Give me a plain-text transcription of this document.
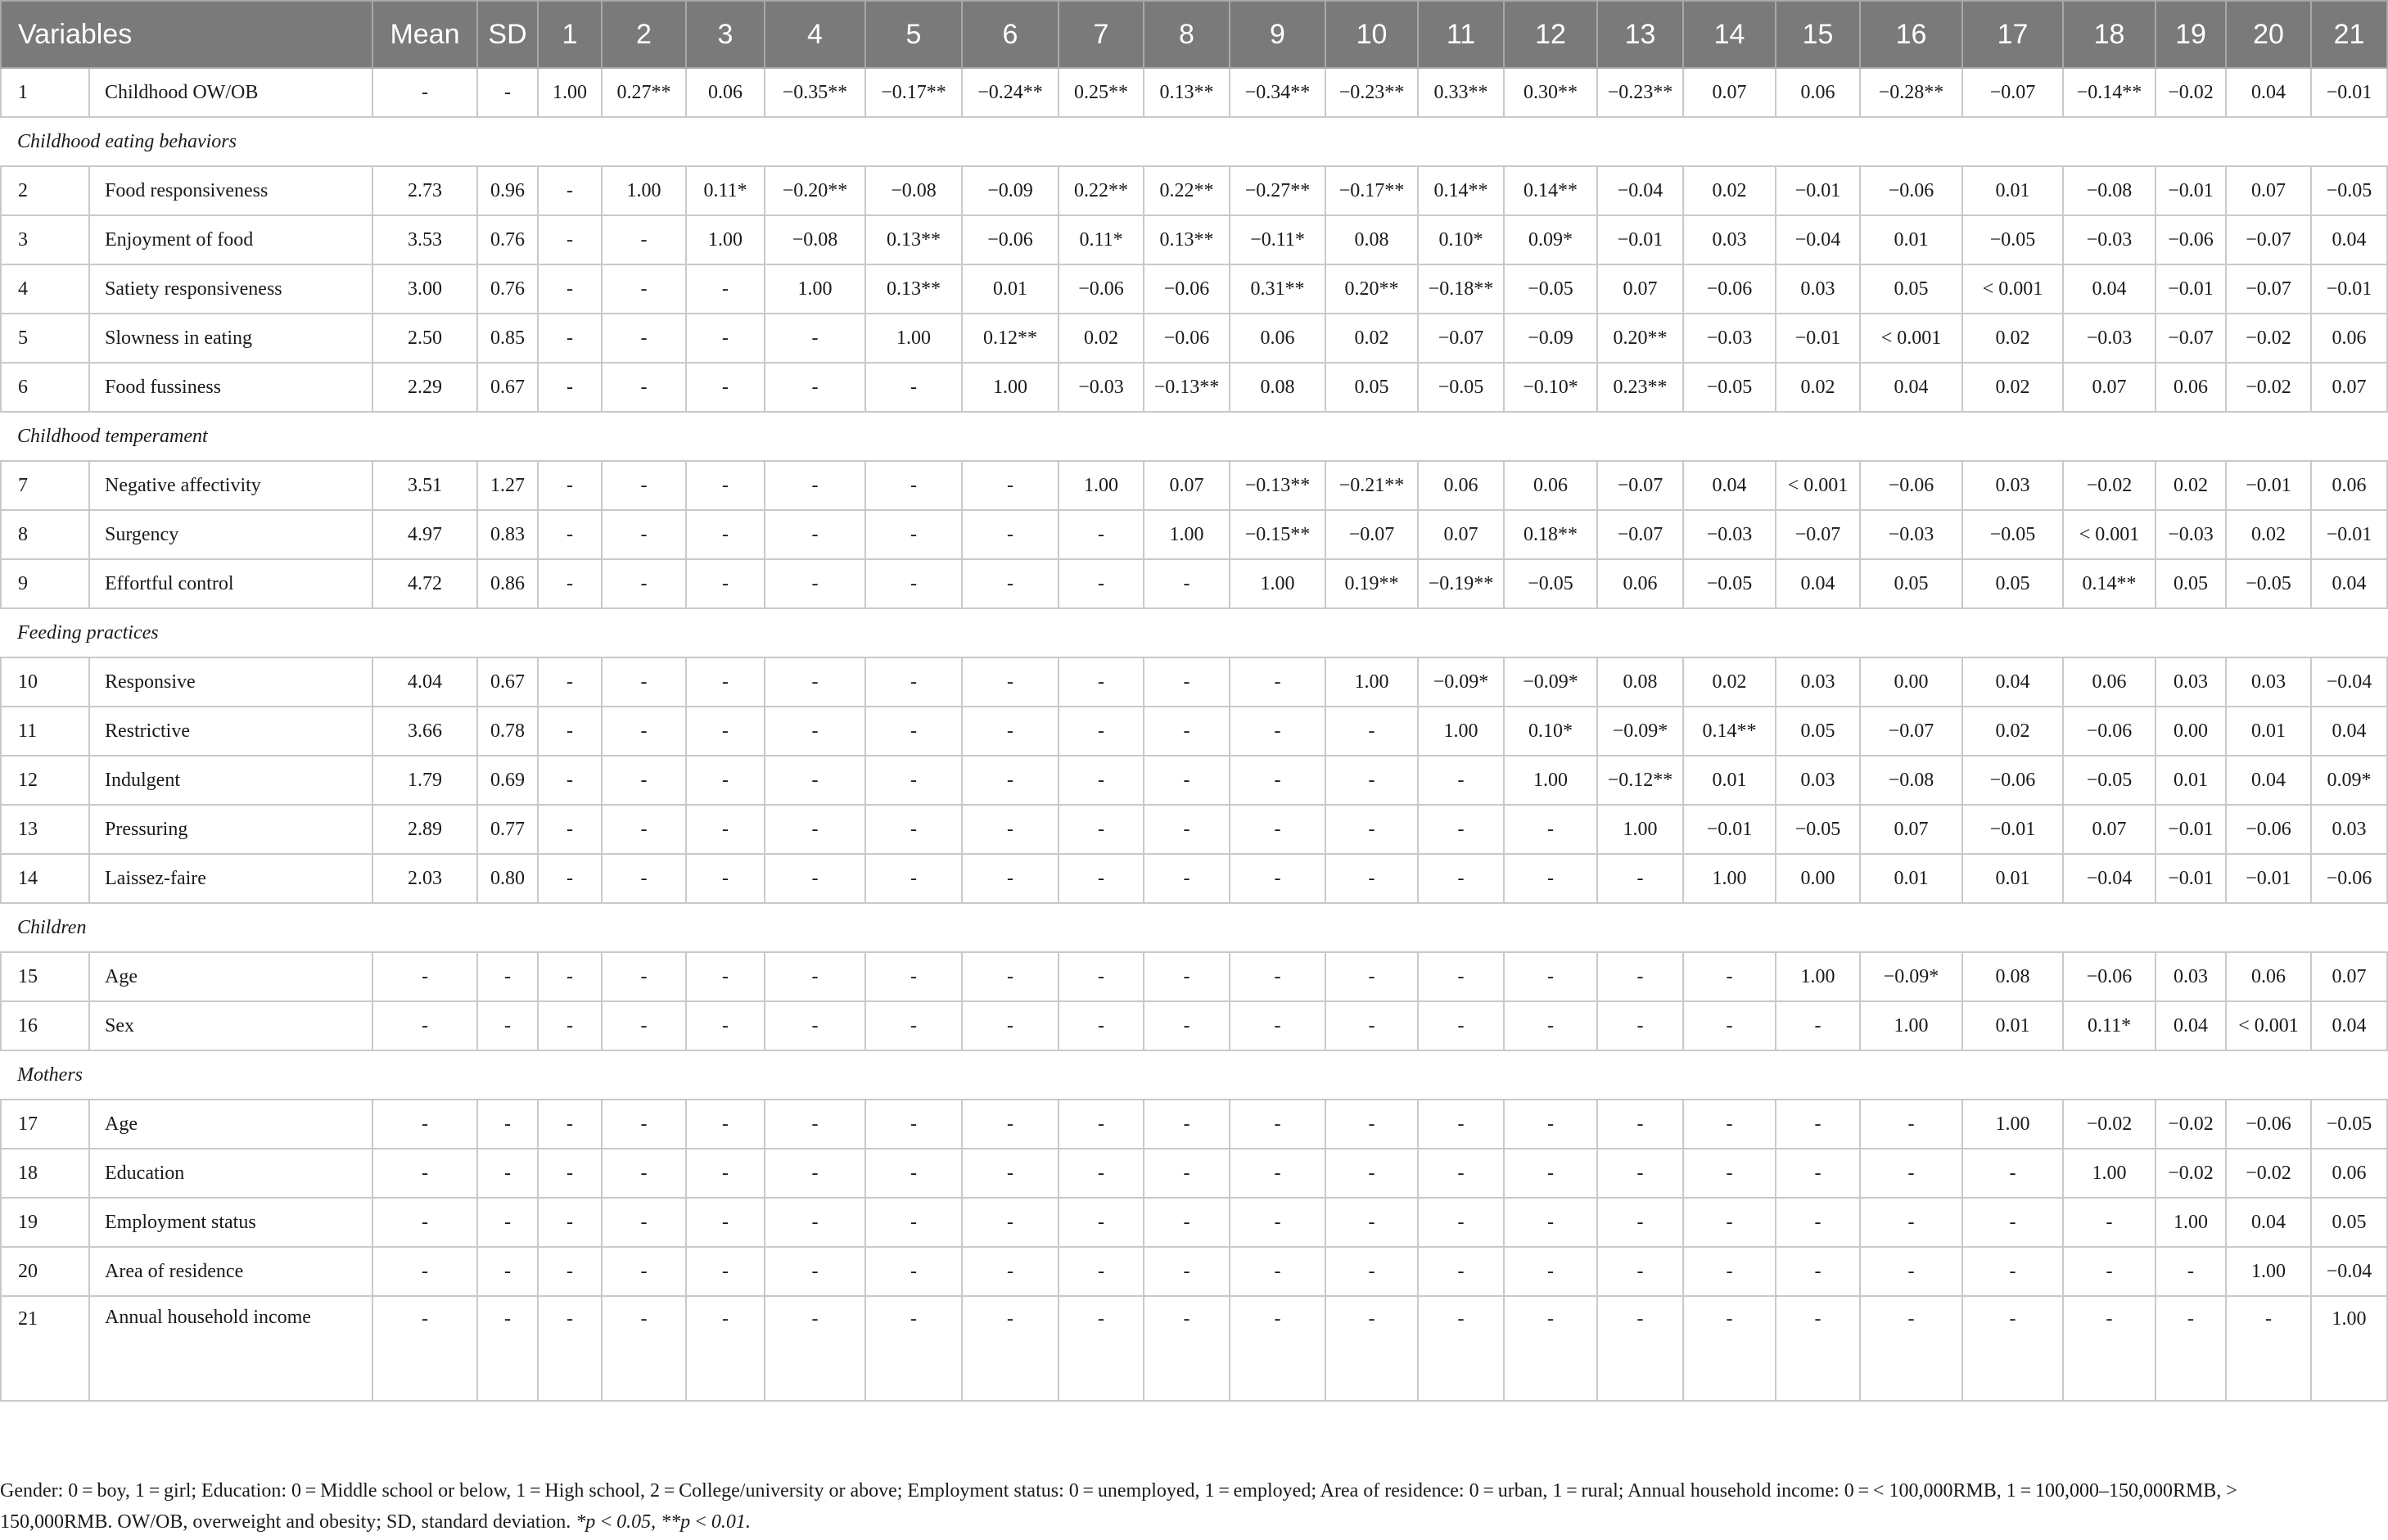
Variables		Mean	SD	1	2	3	4	5	6	7	8	9	10	11	12	13	14	15	16	17	18	19	20	21
1	Childhood OW/OB	-	-	1.00	0.27**	0.06	−0.35**	−0.17**	−0.24**	0.25**	0.13**	−0.34**	−0.23**	0.33**	0.30**	−0.23**	0.07	0.06	−0.28**	−0.07	−0.14**	−0.02	0.04	−0.01
Childhood eating behaviors																								
2	Food responsiveness	2.73	0.96	-	1.00	0.11*	−0.20**	−0.08	−0.09	0.22**	0.22**	−0.27**	−0.17**	0.14**	0.14**	−0.04	0.02	−0.01	−0.06	0.01	−0.08	−0.01	0.07	−0.05
3	Enjoyment of food	3.53	0.76	-	-	1.00	−0.08	0.13**	−0.06	0.11*	0.13**	−0.11*	0.08	0.10*	0.09*	−0.01	0.03	−0.04	0.01	−0.05	−0.03	−0.06	−0.07	0.04
4	Satiety responsiveness	3.00	0.76	-	-	-	1.00	0.13**	0.01	−0.06	−0.06	0.31**	0.20**	−0.18**	−0.05	0.07	−0.06	0.03	0.05	< 0.001	0.04	−0.01	−0.07	−0.01
5	Slowness in eating	2.50	0.85	-	-	-	-	1.00	0.12**	0.02	−0.06	0.06	0.02	−0.07	−0.09	0.20**	−0.03	−0.01	< 0.001	0.02	−0.03	−0.07	−0.02	0.06
6	Food fussiness	2.29	0.67	-	-	-	-	-	1.00	−0.03	−0.13**	0.08	0.05	−0.05	−0.10*	0.23**	−0.05	0.02	0.04	0.02	0.07	0.06	−0.02	0.07
Childhood temperament																								
7	Negative affectivity	3.51	1.27	-	-	-	-	-	-	1.00	0.07	−0.13**	−0.21**	0.06	0.06	−0.07	0.04	< 0.001	−0.06	0.03	−0.02	0.02	−0.01	0.06
8	Surgency	4.97	0.83	-	-	-	-	-	-	-	1.00	−0.15**	−0.07	0.07	0.18**	−0.07	−0.03	−0.07	−0.03	−0.05	< 0.001	−0.03	0.02	−0.01
9	Effortful control	4.72	0.86	-	-	-	-	-	-	-	-	1.00	0.19**	−0.19**	−0.05	0.06	−0.05	0.04	0.05	0.05	0.14**	0.05	−0.05	0.04
Feeding practices																								
10	Responsive	4.04	0.67	-	-	-	-	-	-	-	-	-	1.00	−0.09*	−0.09*	0.08	0.02	0.03	0.00	0.04	0.06	0.03	0.03	−0.04
11	Restrictive	3.66	0.78	-	-	-	-	-	-	-	-	-	-	1.00	0.10*	−0.09*	0.14**	0.05	−0.07	0.02	−0.06	0.00	0.01	0.04
12	Indulgent	1.79	0.69	-	-	-	-	-	-	-	-	-	-	-	1.00	−0.12**	0.01	0.03	−0.08	−0.06	−0.05	0.01	0.04	0.09*
13	Pressuring	2.89	0.77	-	-	-	-	-	-	-	-	-	-	-	-	1.00	−0.01	−0.05	0.07	−0.01	0.07	−0.01	−0.06	0.03
14	Laissez-faire	2.03	0.80	-	-	-	-	-	-	-	-	-	-	-	-	-	1.00	0.00	0.01	0.01	−0.04	−0.01	−0.01	−0.06
Children																								
15	Age	-	-	-	-	-	-	-	-	-	-	-	-	-	-	-	-	1.00	−0.09*	0.08	−0.06	0.03	0.06	0.07
16	Sex	-	-	-	-	-	-	-	-	-	-	-	-	-	-	-	-	-	1.00	0.01	0.11*	0.04	< 0.001	0.04
Mothers																								
17	Age	-	-	-	-	-	-	-	-	-	-	-	-	-	-	-	-	-	-	1.00	−0.02	−0.02	−0.06	−0.05
18	Education	-	-	-	-	-	-	-	-	-	-	-	-	-	-	-	-	-	-	-	1.00	−0.02	−0.02	0.06
19	Employment status	-	-	-	-	-	-	-	-	-	-	-	-	-	-	-	-	-	-	-	-	1.00	0.04	0.05
20	Area of residence	-	-	-	-	-	-	-	-	-	-	-	-	-	-	-	-	-	-	-	-	-	1.00	−0.04
21	Annual household income	-	-	-	-	-	-	-	-	-	-	-	-	-	-	-	-	-	-	-	-	-	-	1.00
Gender: 0 = boy, 1 = girl; Education: 0 = Middle school or below, 1 = High school, 2 = College/university or above; Employment status: 0 = unemployed, 1 = employed; Area of residence: 0 = urban, 1 = rural; Annual household income: 0 = < 100,000RMB, 1 = 100,000–150,000RMB, > 150,000RMB. OW/OB, overweight and obesity; SD, standard deviation. *p < 0.05, **p < 0.01.
